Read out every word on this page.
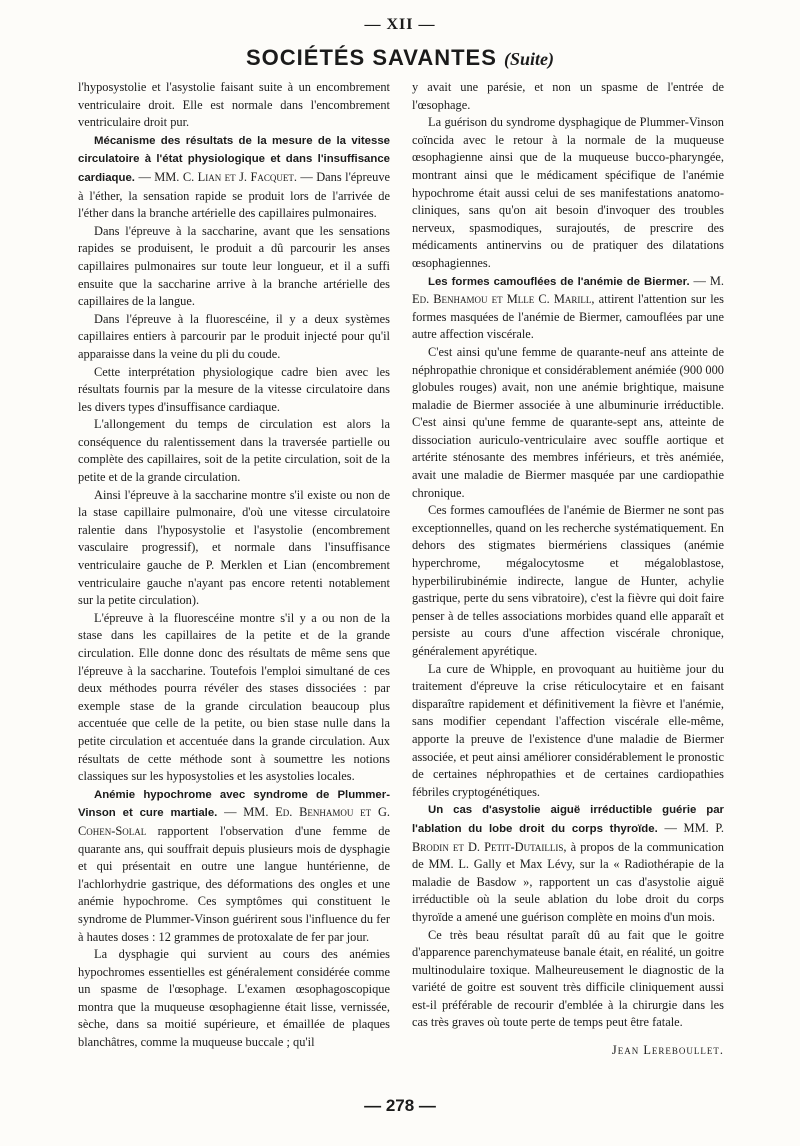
— XII —
SOCIÉTÉS SAVANTES (Suite)

l'hyposystolie et l'asystolie faisant suite à un encombrement ventriculaire droit. Elle est normale dans l'encombrement ventriculaire droit pur.

Mécanisme des résultats de la mesure de la vitesse circulatoire à l'état physiologique et dans l'insuffisance cardiaque. — MM. C. Lian et J. Facquet. — Dans l'épreuve à l'éther, la sensation rapide se produit lors de l'arrivée de l'éther dans la branche artérielle des capillaires pulmonaires.

Dans l'épreuve à la saccharine, avant que les sensations rapides se produisent, le produit a dû parcourir les anses capillaires pulmonaires sur toute leur longueur, et il a suffi ensuite que la saccharine arrive à la branche artérielle des capillaires de la langue.

Dans l'épreuve à la fluorescéine, il y a deux systèmes capillaires entiers à parcourir par le produit injecté pour qu'il apparaisse dans la veine du pli du coude.

Cette interprétation physiologique cadre bien avec les résultats fournis par la mesure de la vitesse circulatoire dans les divers types d'insuffisance cardiaque.

L'allongement du temps de circulation est alors la conséquence du ralentissement dans la traversée partielle ou complète des capillaires, soit de la petite circulation, soit de la petite et de la grande circulation.

Ainsi l'épreuve à la saccharine montre s'il existe ou non de la stase capillaire pulmonaire, d'où une vitesse circulatoire ralentie dans l'hyposystolie et l'asystolie (encombrement vasculaire progressif), et normale dans l'insuffisance ventriculaire gauche de P. Merklen et Lian (encombrement ventriculaire gauche n'ayant pas encore retenti notablement sur la petite circulation).

L'épreuve à la fluorescéine montre s'il y a ou non de la stase dans les capillaires de la petite et de la grande circulation. Elle donne donc des résultats de même sens que l'épreuve à la saccharine. Toutefois l'emploi simultané de ces deux méthodes pourra révéler des stases dissociées : par exemple stase de la grande circulation beaucoup plus accentuée que celle de la petite, ou bien stase nulle dans la petite circulation et accentuée dans la grande circulation. Aux résultats de cette méthode sont à soumettre les notions classiques sur les hyposystolies et les asystolies locales.

Anémie hypochrome avec syndrome de Plummer-Vinson et cure martiale. — MM. Ed. Benhamou et G. Cohen-Solal rapportent l'observation d'une femme de quarante ans, qui souffrait depuis plusieurs mois de dysphagie et qui présentait en outre une langue huntérienne, de l'achlorhydrie gastrique, des déformations des ongles et une anémie hypochrome. Ces symptômes qui constituent le syndrome de Plummer-Vinson guérirent sous l'influence du fer à hautes doses : 12 grammes de protoxalate de fer par jour.

La dysphagie qui survient au cours des anémies hypochromes essentielles est généralement considérée comme un spasme de l'œsophage. L'examen œsophagoscopique montra que la muqueuse œsophagienne était lisse, vernissée, sèche, dans sa moitié supérieure, et émaillée de plaques blanchâtres, comme la muqueuse buccale ; qu'il

y avait une parésie, et non un spasme de l'entrée de l'œsophage.

La guérison du syndrome dysphagique de Plummer-Vinson coïncida avec le retour à la normale de la muqueuse œsophagienne ainsi que de la muqueuse bucco-pharyngée, montrant ainsi que le médicament spécifique de l'anémie hypochrome était aussi celui de ses manifestations anatomo-cliniques, sans qu'on ait besoin d'invoquer des troubles nerveux, spasmodiques, surajoutés, de prescrire des médicaments antinervins ou de pratiquer des dilatations œsophagiennes.

Les formes camouflées de l'anémie de Biermer. — M. Ed. Benhamou et Mlle C. Marill, attirent l'attention sur les formes masquées de l'anémie de Biermer, camouflées par une autre affection viscérale.

C'est ainsi qu'une femme de quarante-neuf ans atteinte de néphropathie chronique et considérablement anémiée (900 000 globules rouges) avait, non une anémie brightique, maisune maladie de Biermer associée à une albuminurie irréductible. C'est ainsi qu'une femme de quarante-sept ans, atteinte de dissociation auriculo-ventriculaire avec souffle aortique et artérite sténosante des membres inférieurs, et très anémiée, avait une maladie de Biermer masquée par une cardiopathie chronique.

Ces formes camouflées de l'anémie de Biermer ne sont pas exceptionnelles, quand on les recherche systématiquement. En dehors des stigmates biermériens classiques (anémie hyperchrome, mégalocytosme et mégaloblastose, hyperbilirubinémie indirecte, langue de Hunter, achylie gastrique, perte du sens vibratoire), c'est la fièvre qui doit faire penser à de telles associations morbides quand elle apparaît et persiste au cours d'une affection viscérale chronique, généralement apyrétique.

La cure de Whipple, en provoquant au huitième jour du traitement d'épreuve la crise réticulocytaire et en faisant disparaître rapidement et définitivement la fièvre et l'anémie, sans modifier cependant l'affection viscérale elle-même, apporte la preuve de l'existence d'une maladie de Biermer associée, et peut ainsi améliorer considérablement le pronostic de certaines néphropathies et de certaines cardiopathies fébriles cryptogénétiques.

Un cas d'asystolie aiguë irréductible guérie par l'ablation du lobe droit du corps thyroïde. — MM. P. Brodin et D. Petit-Dutaillis, à propos de la communication de MM. L. Gally et Max Lévy, sur la « Radiothérapie de la maladie de Basdow », rapportent un cas d'asystolie aiguë irréductible où la seule ablation du lobe droit du corps thyroïde a amené une guérison complète en moins d'un mois.

Ce très beau résultat paraît dû au fait que le goitre d'apparence parenchymateuse banale était, en réalité, un goitre multinodulaire toxique. Malheureusement le diagnostic de la variété de goitre est souvent très difficile cliniquement aussi est-il préférable de recourir d'emblée à la chirurgie dans les cas très graves où toute perte de temps peut être fatale.

Jean Lereboullet.
— 278 —
